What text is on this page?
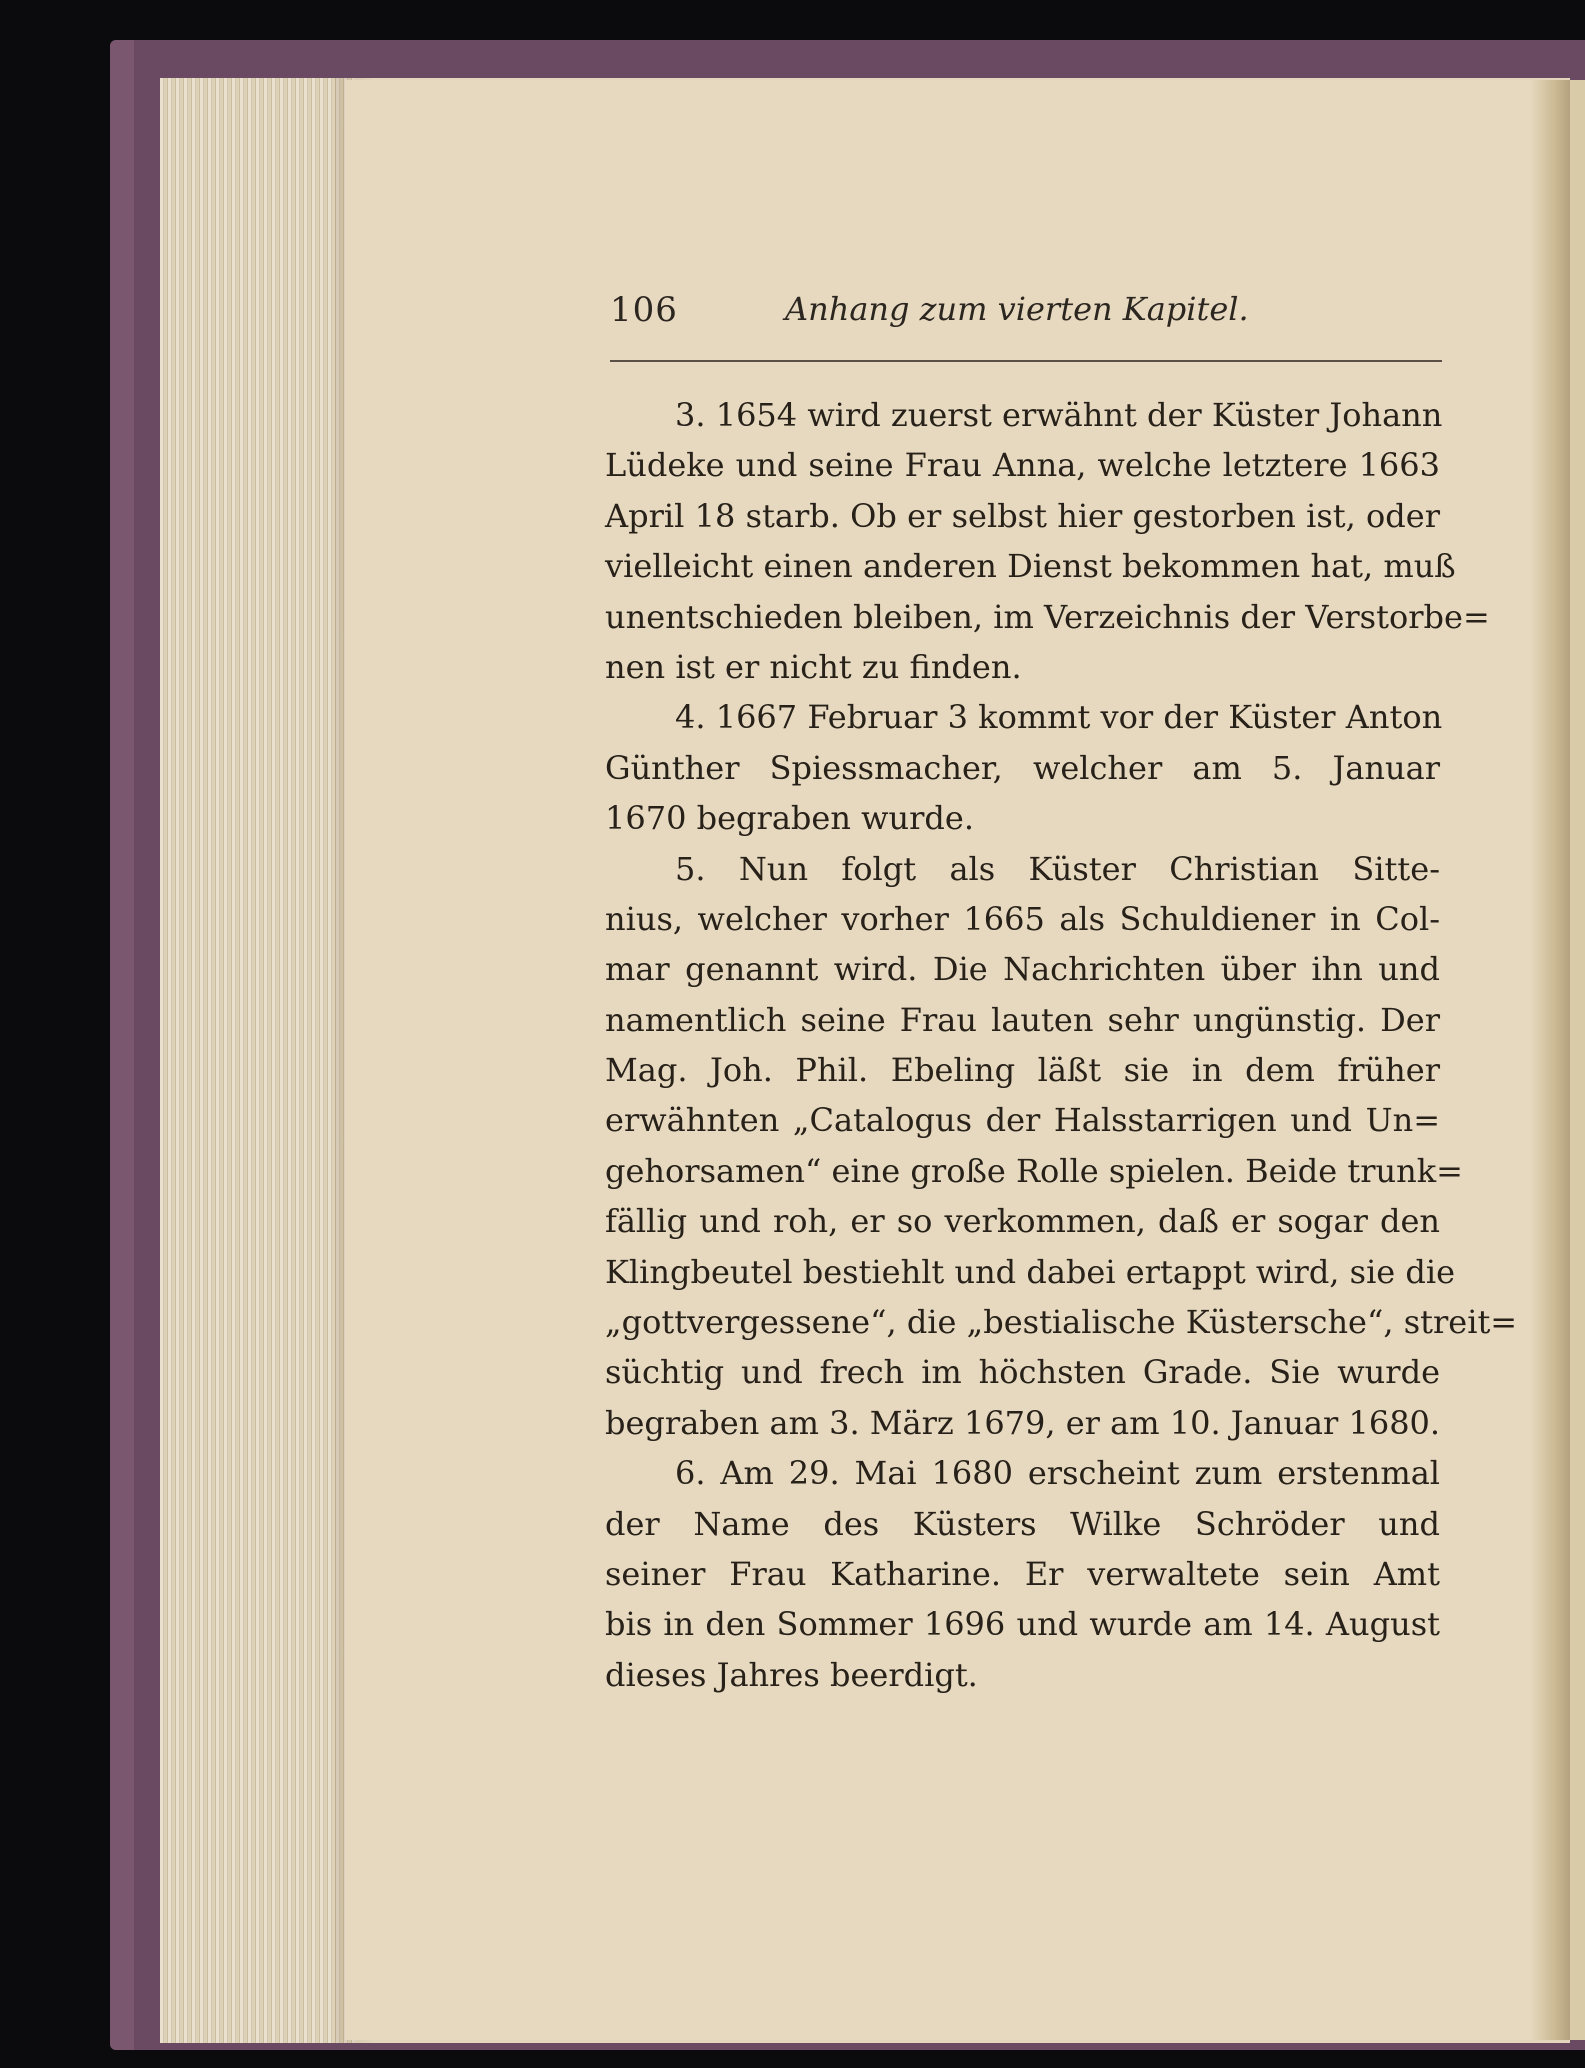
106	Anhang zum vierten Kapitel.
3. 1654 wird zuerst erwähnt der Küster Johann
Lüdeke und seine Frau Anna, welche letztere 1663
April 18 starb. Ob er selbst hier gestorben ist, oder
vielleicht einen anderen Dienst bekommen hat, muß
unentschieden bleiben, im Verzeichnis der Verstorbe=
nen ist er nicht zu finden.
4. 1667 Februar 3 kommt vor der Küster Anton
Günther Spiessmacher, welcher am 5. Januar
1670 begraben wurde.
5. Nun folgt als Küster Christian Sitte-
nius, welcher vorher 1665 als Schuldiener in Col-
mar genannt wird. Die Nachrichten über ihn und
namentlich seine Frau lauten sehr ungünstig. Der
Mag. Joh. Phil. Ebeling läßt sie in dem früher
erwähnten „Catalogus der Halsstarrigen und Un=
gehorsamen“ eine große Rolle spielen. Beide trunk=
fällig und roh, er so verkommen, daß er sogar den
Klingbeutel bestiehlt und dabei ertappt wird, sie die
„gottvergessene“, die „bestialische Küstersche“, streit=
süchtig und frech im höchsten Grade. Sie wurde
begraben am 3. März 1679, er am 10. Januar 1680.
6. Am 29. Mai 1680 erscheint zum erstenmal
der Name des Küsters Wilke Schröder und
seiner Frau Katharine. Er verwaltete sein Amt
bis in den Sommer 1696 und wurde am 14. August
dieses Jahres beerdigt.
